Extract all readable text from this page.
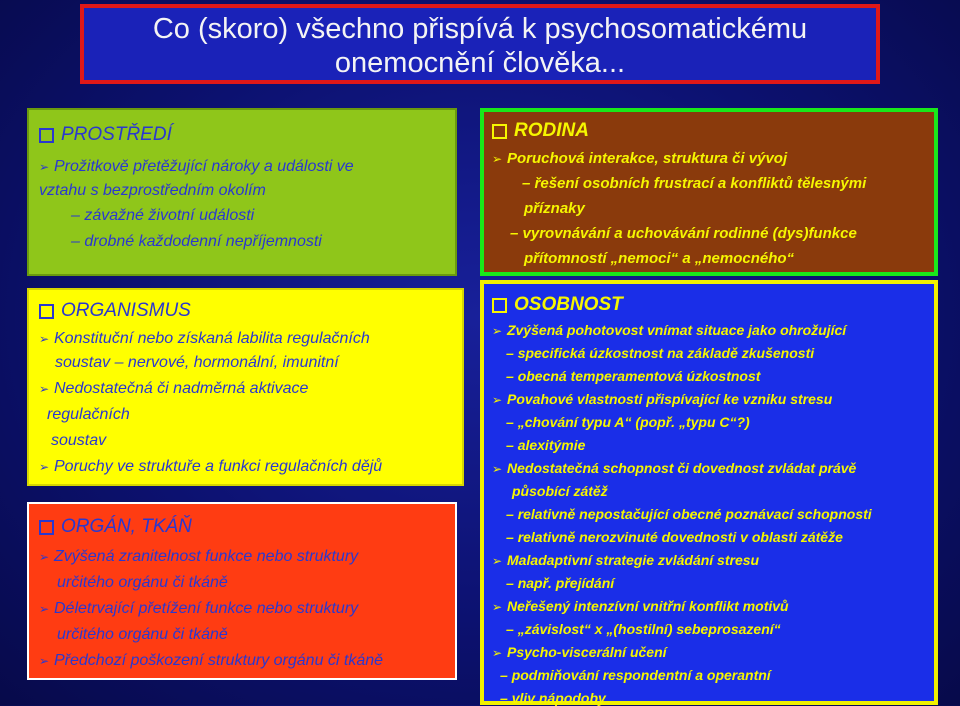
Co (skoro) všechno přispívá k psychosomatickému
onemocnění člověka...
PROSTŘEDÍ
➢ Prožitkově přetěžující nároky a události ve
vztahu s bezprostředním okolím
– závažné životní události
– drobné každodenní nepříjemnosti
ORGANISMUS
➢ Konstituční nebo získaná labilita regulačních
soustav – nervové, hormonální, imunitní
➢ Nedostatečná či nadměrná aktivace
regulačních
soustav
➢ Poruchy ve struktuře a funkci regulačních dějů
ORGÁN, TKÁŇ
➢ Zvýšená zranitelnost funkce nebo struktury
určitého orgánu či tkáně
➢ Déletrvající přetížení funkce nebo struktury
určitého orgánu či tkáně
➢ Předchozí poškození struktury orgánu či tkáně
RODINA
➢ Poruchová interakce, struktura či vývoj
– řešení osobních frustrací a konfliktů tělesnými
příznaky
– vyrovnávání a uchovávání rodinné (dys)funkce
přítomností „nemoci“ a „nemocného“
OSOBNOST
➢ Zvýšená pohotovost vnímat situace jako ohrožující
– specifická úzkostnost na základě zkušenosti
– obecná temperamentová úzkostnost
➢ Povahové vlastnosti přispívající ke vzniku stresu
– „chování typu A“ (popř. „typu C“?)
– alexitýmie
➢ Nedostatečná schopnost či dovednost zvládat právě
působící zátěž
– relativně nepostačující obecné poznávací schopnosti
– relativně nerozvinuté dovednosti v oblasti zátěže
➢ Maladaptivní strategie zvládání stresu
– např. přejídání
➢ Neřešený intenzívní vnitřní konflikt motivů
– „závislost“ x „(hostilní) sebeprosazení“
➢ Psycho-viscerální učení
– podmiňování respondentní a operantní
– vliv nápodoby
